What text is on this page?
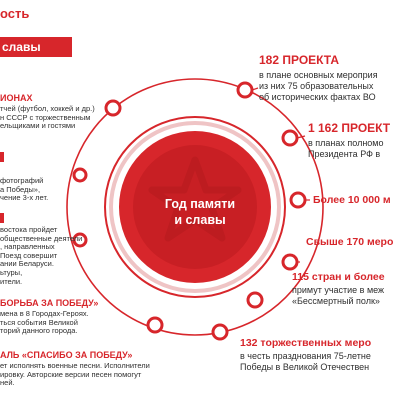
ость
славы
Год памяти
и славы
ИОНАХ
тчей (футбол, хоккей и др.)
н СССР с торжественным
ельщиками и гостями
фотографий
а Победы»,
чение 3-х лет.
востока пройдет
общественные деятели
, направленных
Поезд совершит
ании Беларуси.
ьтуры,
ители.
БОРЬБА ЗА ПОБЕДУ»
мена в 8 Городах-Героях.
ться события Великой
торий данного города.
АЛЬ «СПАСИБО ЗА ПОБЕДУ»
ет исполнять военные песни. Исполнители
ировку. Авторские версии песен помогут
ней.
182 ПРОЕКТА
в плане основных мероприя
из них 75 образовательных
об исторических фактах ВО
1 162 ПРОЕКТ
в планах полномо
Президента РФ в
Более 10 000 м
Свыше 170 меро
115 стран и более
примут участие в меж
«Бессмертный полк»
132 торжественных меро
в честь празднования 75-летне
Победы в Великой Отечествен
